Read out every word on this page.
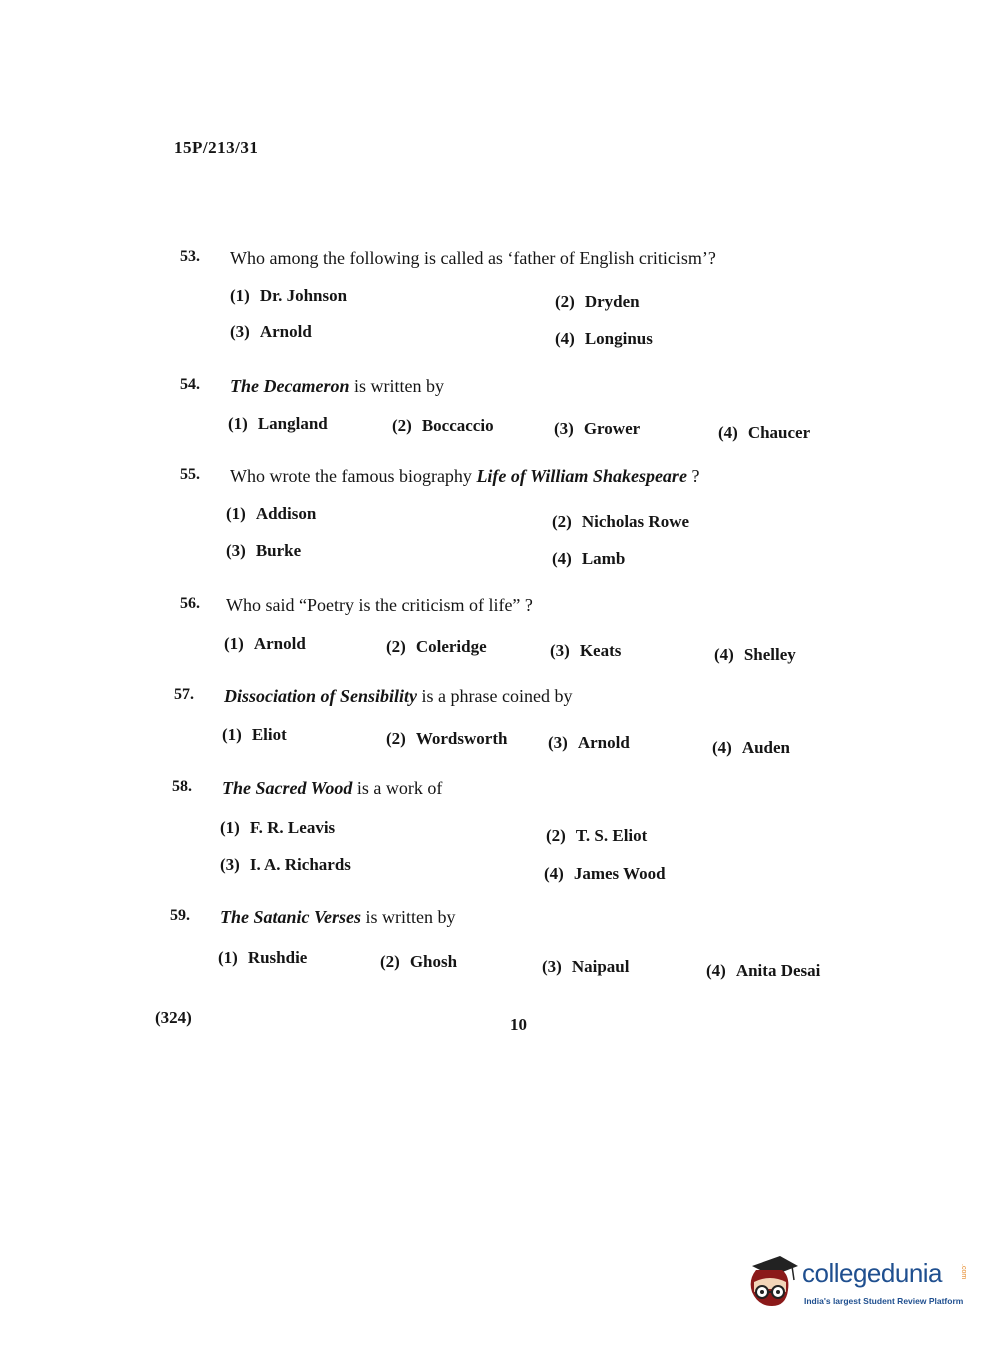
15P/213/31
53. Who among the following is called as ‘father of English criticism’?
(1) Dr. Johnson	(2) Dryden
(3) Arnold	(4) Longinus
54. The Decameron is written by
(1) Langland	(2) Boccaccio	(3) Grower	(4) Chaucer
55. Who wrote the famous biography Life of William Shakespeare ?
(1) Addison	(2) Nicholas Rowe
(3) Burke	(4) Lamb
56. Who said “Poetry is the criticism of life” ?
(1) Arnold	(2) Coleridge	(3) Keats	(4) Shelley
57. Dissociation of Sensibility is a phrase coined by
(1) Eliot	(2) Wordsworth (3) Arnold	(4) Auden
58. The Sacred Wood is a work of
(1) F. R. Leavis	(2) T. S. Eliot
(3) I. A. Richards	(4) James Wood
59. The Satanic Verses is written by
(1) Rushdie	(2) Ghosh	(3) Naipaul	(4) Anita Desai
(324)	10
collegedunia	.com
India's largest Student Review Platform
